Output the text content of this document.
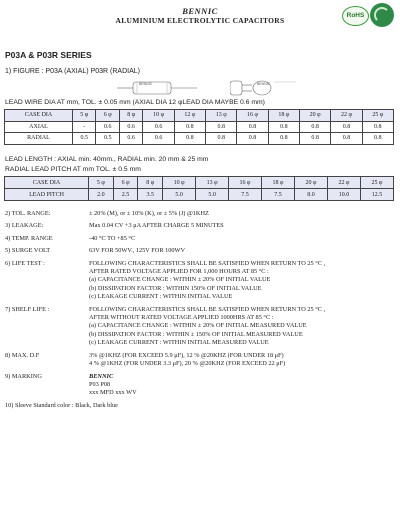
BENNIC
ALUMINIUM ELECTROLYTIC CAPACITORS
RoHS
P03A & P03R SERIES
1) FIGURE : P03A (AXIAL) P03R (RADIAL)
BENNIC	BENNIC
LEAD WIRE DIA AT mm, TOL. ± 0.05 mm (AXIAL DIA 12 φLEAD DIA MAYBE 0.6 mm)
CASE DIA	5 φ	6 φ	8 φ	10 φ	12 φ	13 φ	16 φ	18 φ	20 φ	22 φ	25 φ
AXIAL	-	0.6	0.6	0.6	0.8	0.8	0.8	0.8	0.8	0.8	0.8
RADIAL	0.5	0.5	0.6	0.6	0.8	0.8	0.8	0.8	0.8	0.8	0.8
LEAD LENGTH : AXIAL min. 40mm., RADIAL min. 20 mm & 25 mm
RADIAL LEAD PITCH AT mm TOL. ± 0.5 mm
CASE DIA	5 φ	6 φ	8 φ	10 φ	13 φ	16 φ	18 φ	20 φ	22 φ	25 φ
LEAD PITCH	2.0	2.5	3.5	5.0	5.0	7.5	7.5	8.0	10.0	12.5
2) TOL. RANGE:	± 20% (M), or ± 10% (K), or ± 5% (J) @1KHZ
3) LEAKAGE:	Max 0.04 CV +3 μA AFTER CHARGE 5 MINUTES
4) TEMP. RANGE	-40 °C TO +85 °C
5) SURGE VOLT	63V FOR 50WV., 125V FOR 100WV
6) LIFE TEST :	FOLLOWING CHARACTERISTICS SHALL BE SATISFIED WHEN RETURN TO 25 °C ,
AFTER RATED VOLTAGE APPLIED FOR 1,000 HOURS AT 85 °C :
(a) CAPACITANCE CHANGE : WITHIN ± 20% OF INITIAL VALUE
(b) DISSIPATION FACTOR : WITHIN 150% OF INITIAL VALUE
(c) LEAKAGE CURRENT : WITHIN INITIAL VALUE
7) SHELF LIFE :	FOLLOWING CHARACTERISTICS SHALL BE SATISFIED WHEN RETURN TO 25 °C ,
AFTER WITHOUT RATED VOLTAGE APPLIED 1000HRS AT 85 °C :
(a) CAPACITANCE CHANGE : WITHIN ± 20% OF INITIAL MEASURED VALUE
(b) DISSIPATION FACTOR : WITHIN ± 150% OF INITIAL MEASURED VALUE
(c) LEAKAGE CURRENT : WITHIN INITIAL MEASURED VALUE
8) MAX. D.F	3% @1KHZ (FOR EXCEED 5.9 μF), 12 % @20KHZ (FOR UNDER 18 μF)
4 % @1KHZ (FOR UNDER 3.3 μF), 20 % @20KHZ (FOR EXCEED 22 μF)
9) MARKING	BENNIC
P03 P08
xxx MFD xxx WV
10) Sleeve Standard color : Black, Dark blue
